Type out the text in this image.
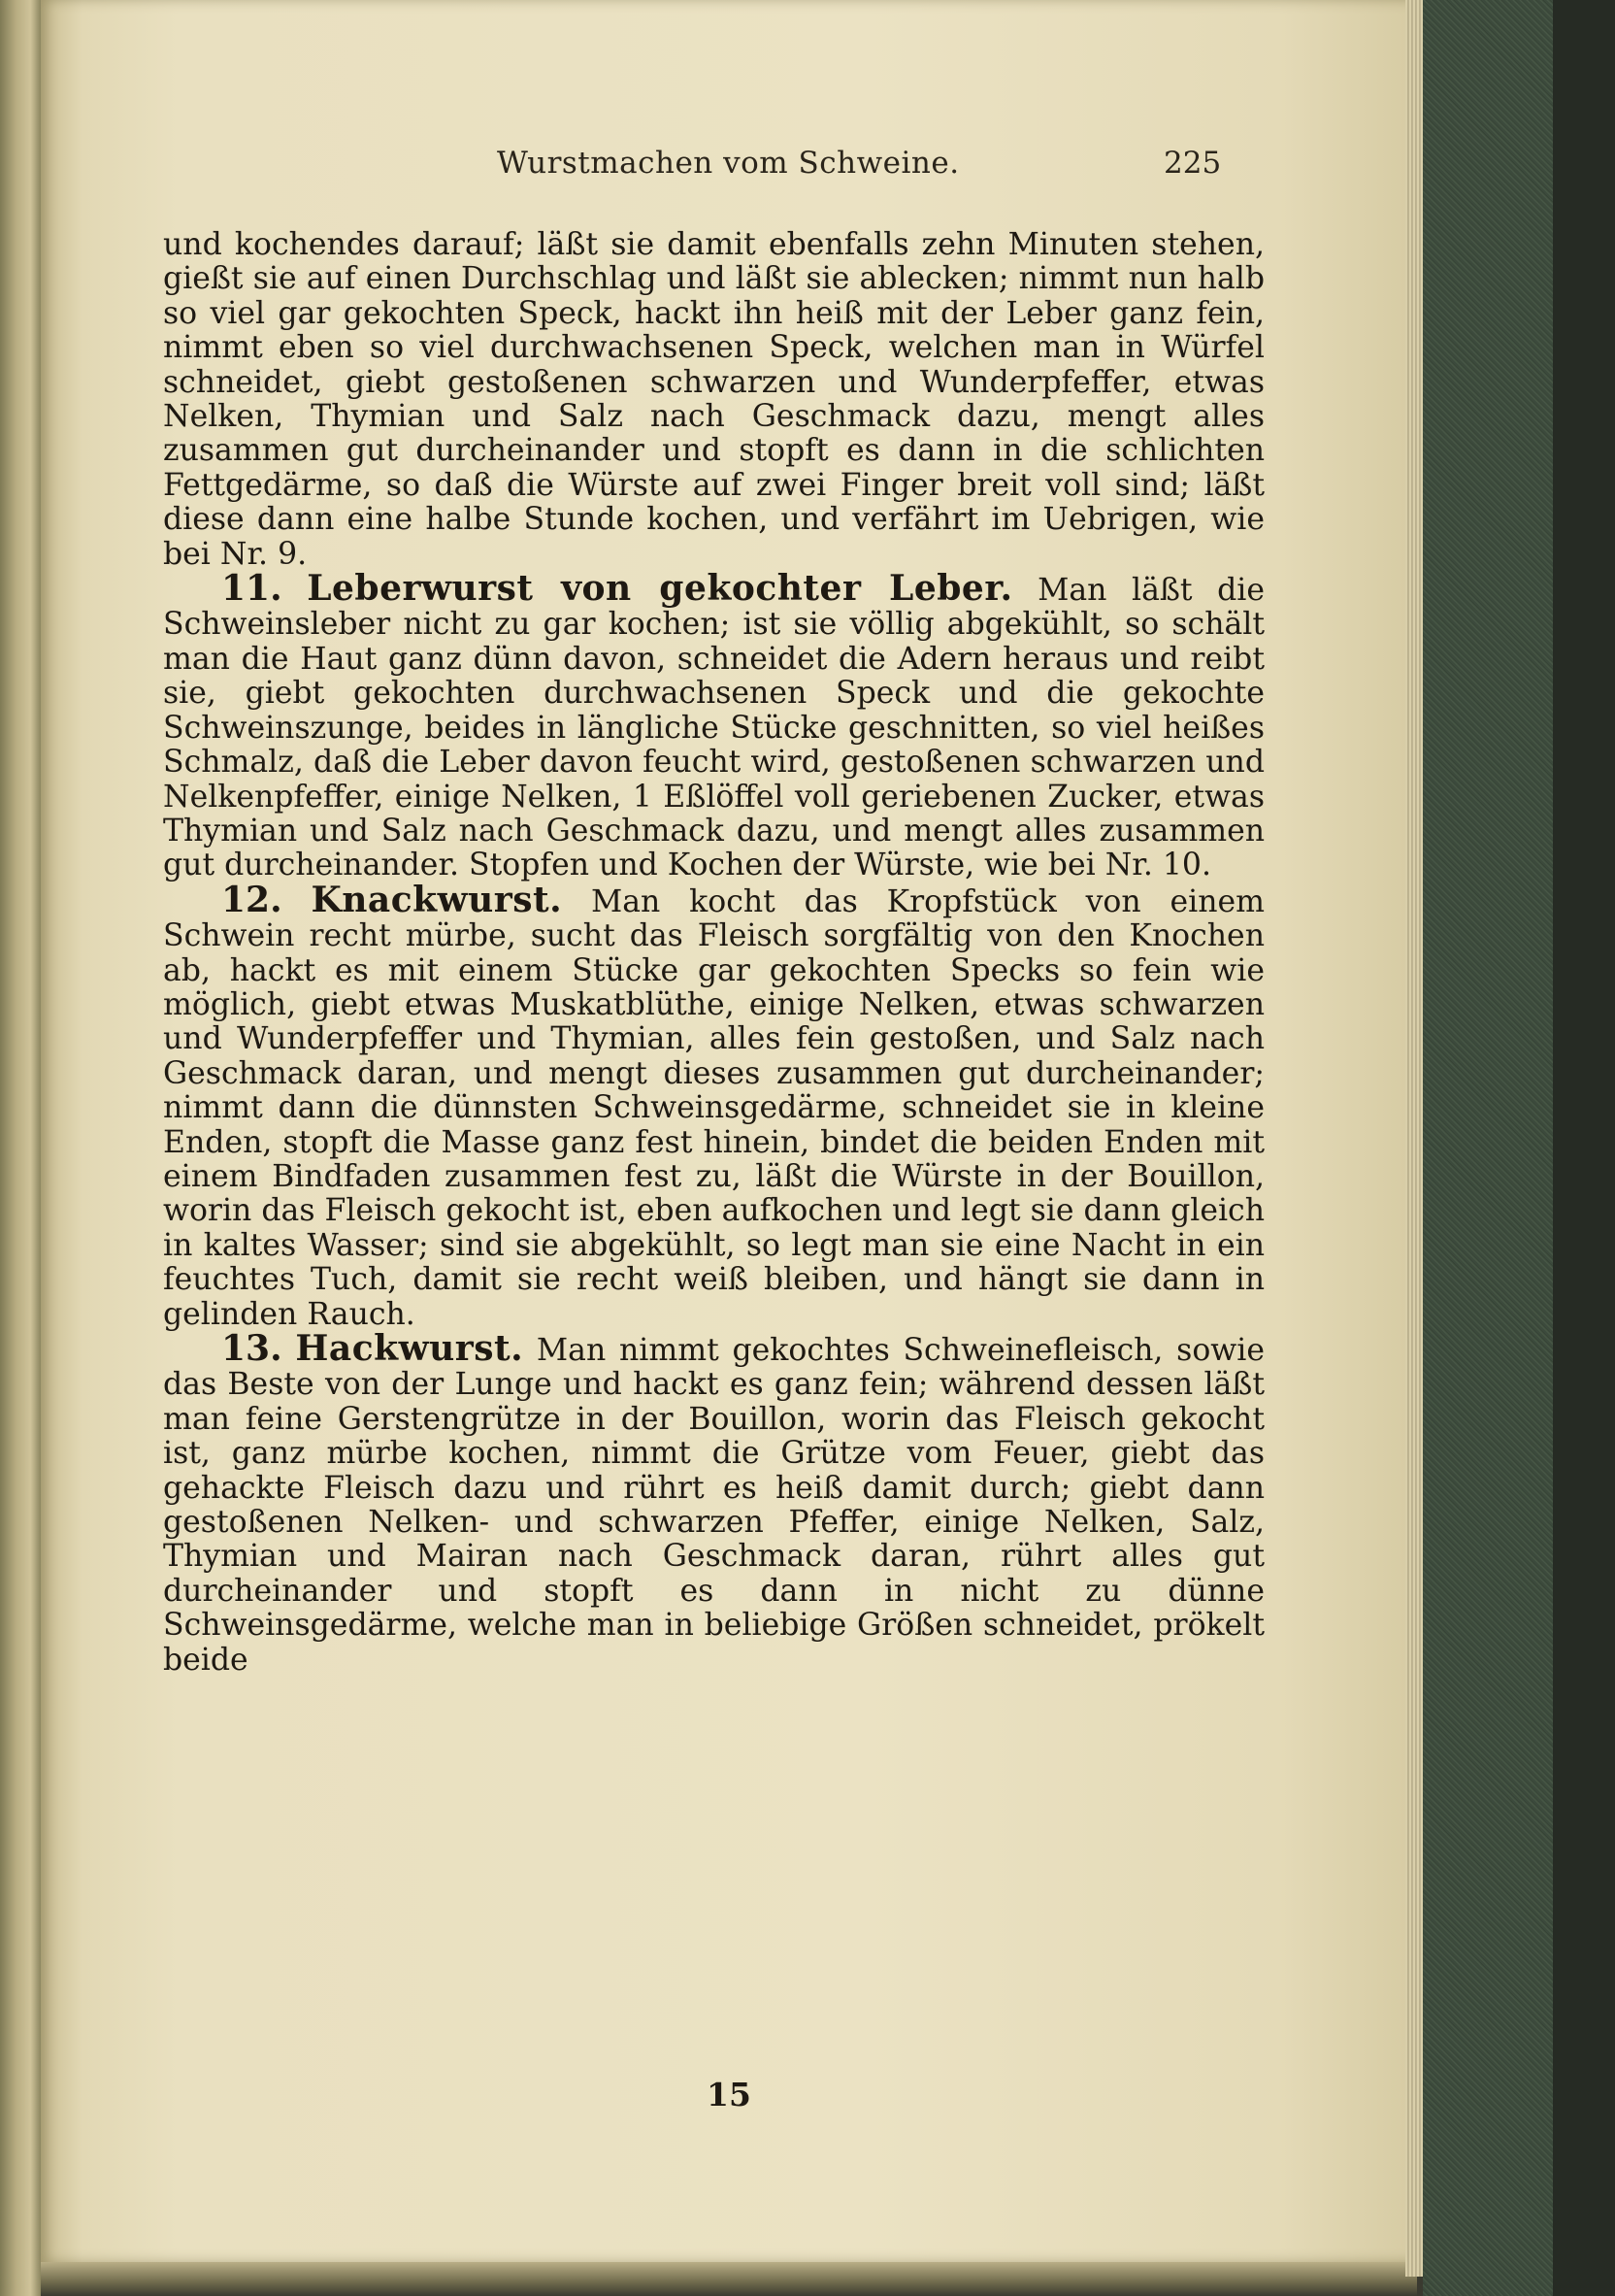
Wurstmachen vom Schweine.	225

und kochendes darauf; läßt sie damit ebenfalls zehn Minuten stehen, gießt sie auf einen Durchschlag und läßt sie ablecken; nimmt nun halb so viel gar gekochten Speck, hackt ihn heiß mit der Leber ganz fein, nimmt eben so viel durchwachsenen Speck, welchen man in Würfel schneidet, giebt gestoßenen schwarzen und Wunderpfeffer, etwas Nelken, Thymian und Salz nach Geschmack dazu, mengt alles zusammen gut durcheinander und stopft es dann in die schlichten Fettgedärme, so daß die Würste auf zwei Finger breit voll sind; läßt diese dann eine halbe Stunde kochen, und verfährt im Uebrigen, wie bei Nr. 9.

11. Leberwurst von gekochter Leber. Man läßt die Schweinsleber nicht zu gar kochen; ist sie völlig abgekühlt, so schält man die Haut ganz dünn davon, schneidet die Adern heraus und reibt sie, giebt gekochten durchwachsenen Speck und die gekochte Schweinszunge, beides in längliche Stücke geschnitten, so viel heißes Schmalz, daß die Leber davon feucht wird, gestoßenen schwarzen und Nelkenpfeffer, einige Nelken, 1 Eßlöffel voll geriebenen Zucker, etwas Thymian und Salz nach Geschmack dazu, und mengt alles zusammen gut durcheinander. Stopfen und Kochen der Würste, wie bei Nr. 10.

12. Knackwurst. Man kocht das Kropfstück von einem Schwein recht mürbe, sucht das Fleisch sorgfältig von den Knochen ab, hackt es mit einem Stücke gar gekochten Specks so fein wie möglich, giebt etwas Muskatblüthe, einige Nelken, etwas schwarzen und Wunderpfeffer und Thymian, alles fein gestoßen, und Salz nach Geschmack daran, und mengt dieses zusammen gut durcheinander; nimmt dann die dünnsten Schweinsgedärme, schneidet sie in kleine Enden, stopft die Masse ganz fest hinein, bindet die beiden Enden mit einem Bindfaden zusammen fest zu, läßt die Würste in der Bouillon, worin das Fleisch gekocht ist, eben aufkochen und legt sie dann gleich in kaltes Wasser; sind sie abgekühlt, so legt man sie eine Nacht in ein feuchtes Tuch, damit sie recht weiß bleiben, und hängt sie dann in gelinden Rauch.

13. Hackwurst. Man nimmt gekochtes Schweinefleisch, sowie das Beste von der Lunge und hackt es ganz fein; während dessen läßt man feine Gerstengrütze in der Bouillon, worin das Fleisch gekocht ist, ganz mürbe kochen, nimmt die Grütze vom Feuer, giebt das gehackte Fleisch dazu und rührt es heiß damit durch; giebt dann gestoßenen Nelken- und schwarzen Pfeffer, einige Nelken, Salz, Thymian und Mairan nach Geschmack daran, rührt alles gut durcheinander und stopft es dann in nicht zu dünne Schweinsgedärme, welche man in beliebige Größen schneidet, prökelt beide

15
